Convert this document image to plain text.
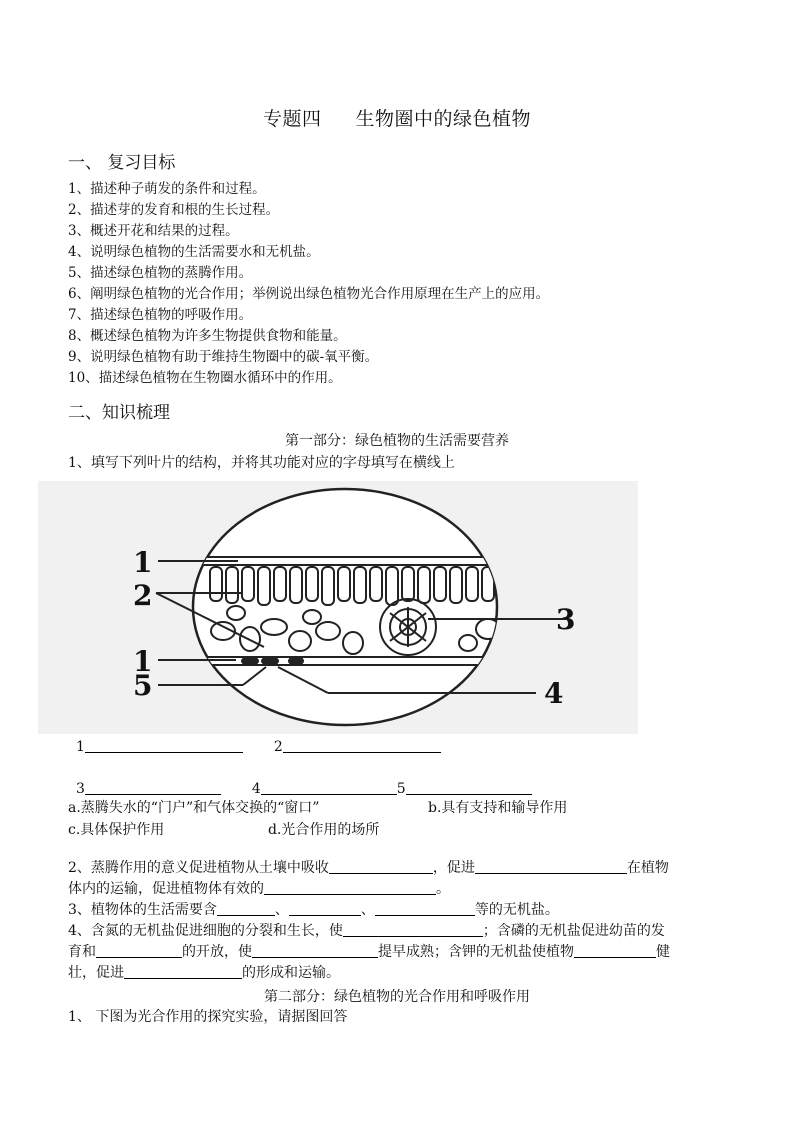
专题四 生物圈中的绿色植物
一、 复习目标
1、描述种子萌发的条件和过程。
2、描述芽的发育和根的生长过程。
3、概述开花和结果的过程。
4、说明绿色植物的生活需要水和无机盐。
5、描述绿色植物的蒸腾作用。
6、阐明绿色植物的光合作用；举例说出绿色植物光合作用原理在生产上的应用。
7、描述绿色植物的呼吸作用。
8、概述绿色植物为许多生物提供食物和能量。
9、说明绿色植物有助于维持生物圈中的碳-氧平衡。
10、描述绿色植物在生物圈水循环中的作用。
二、知识梳理
第一部分：绿色植物的生活需要营养
1、填写下列叶片的结构，并将其功能对应的字母填写在横线上
1
2
3
1
5	4
1	2
3	4	5
a.蒸腾失水的“门户”和气体交换的“窗口”	b.具有支持和输导作用
c.具体保护作用	d.光合作用的场所
2、蒸腾作用的意义促进植物从土壤中吸收	，促进	在植物
体内的运输，促进植物体有效的	。
3、植物体的生活需要含	、	、	等的无机盐。
4、含氮的无机盐促进细胞的分裂和生长，使	；含磷的无机盐促进幼苗的发
育和	的开放，使	提早成熟；含钾的无机盐使植物	健
壮，促进	的形成和运输。
第二部分：绿色植物的光合作用和呼吸作用
1、 下图为光合作用的探究实验，请据图回答
